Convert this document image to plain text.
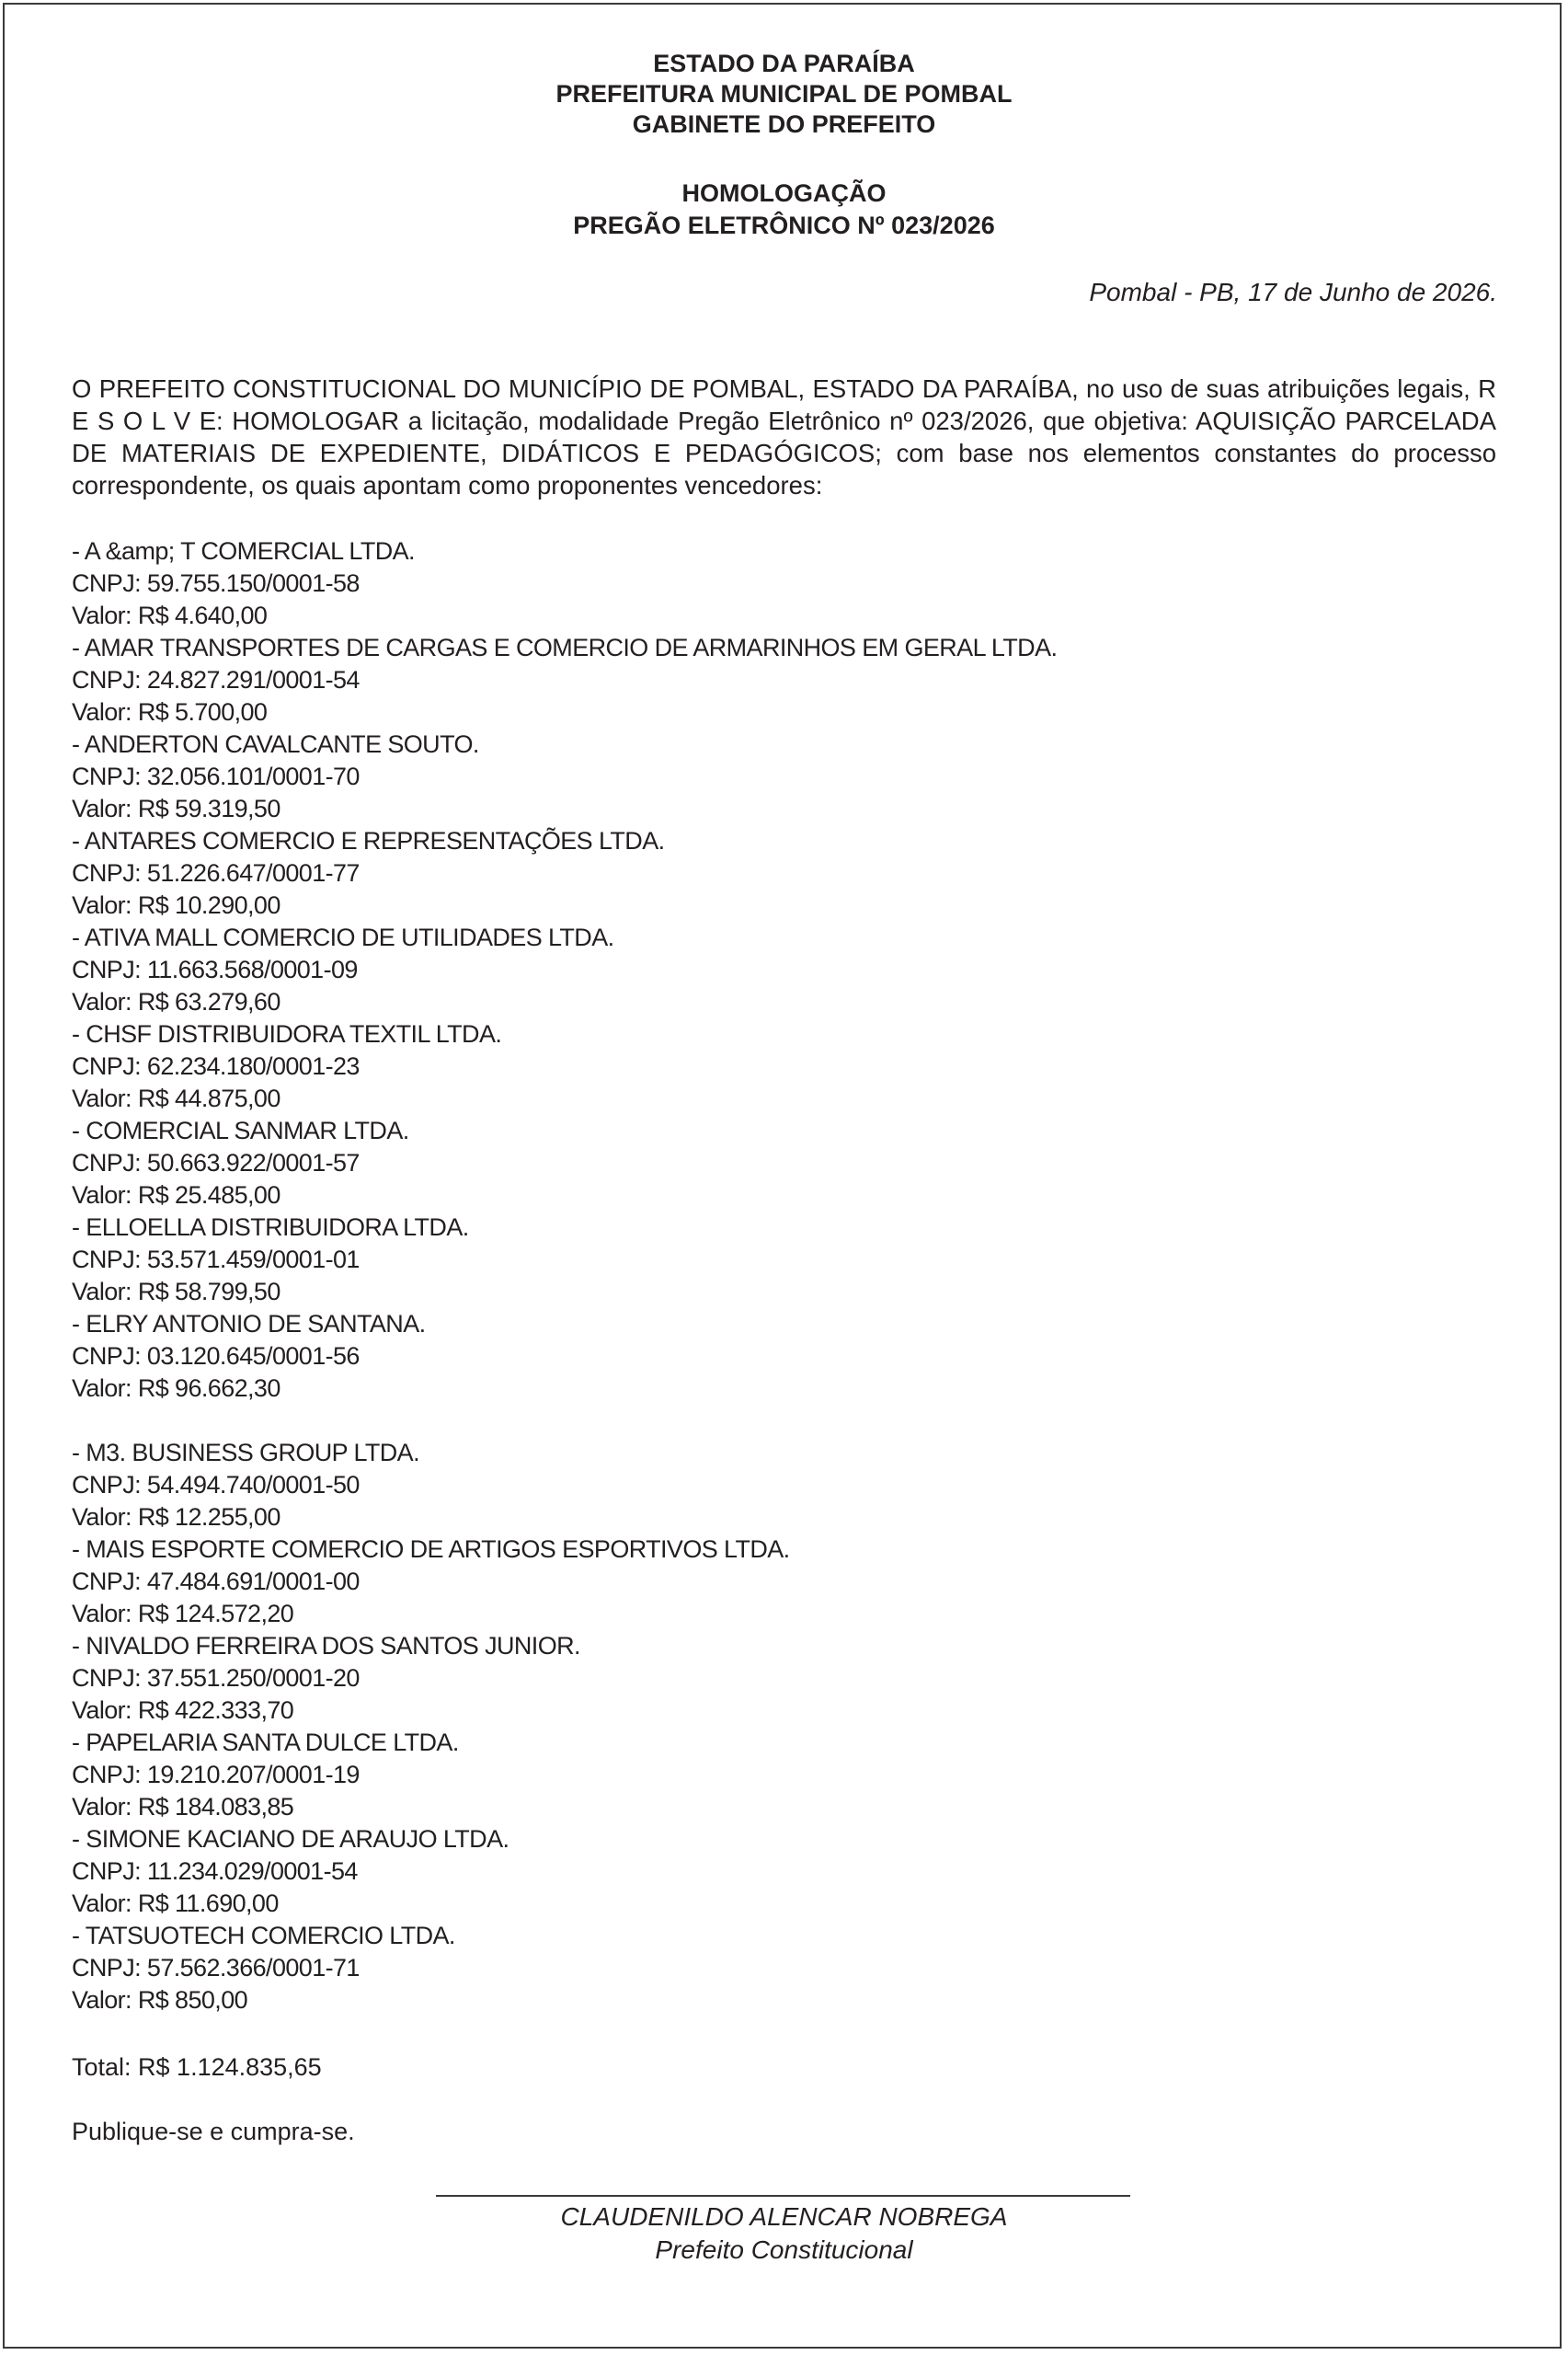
ESTADO DA PARAÍBA
PREFEITURA MUNICIPAL DE POMBAL
GABINETE DO PREFEITO
HOMOLOGAÇÃO
PREGÃO ELETRÔNICO Nº 023/2026
Pombal - PB, 17 de Junho de 2026.
O PREFEITO CONSTITUCIONAL DO MUNICÍPIO DE POMBAL, ESTADO DA PARAÍBA, no uso de suas atribuições legais, R E S O L V E: HOMOLOGAR a licitação, modalidade Pregão Eletrônico nº 023/2026, que objetiva: AQUISIÇÃO PARCELADA DE MATERIAIS DE EXPEDIENTE, DIDÁTICOS E PEDAGÓGICOS; com base nos elementos constantes do processo correspondente, os quais apontam como proponentes vencedores:
- A &amp; T COMERCIAL LTDA.
CNPJ: 59.755.150/0001-58
Valor: R$ 4.640,00
- AMAR TRANSPORTES DE CARGAS E COMERCIO DE ARMARINHOS EM GERAL LTDA.
CNPJ: 24.827.291/0001-54
Valor: R$ 5.700,00
- ANDERTON CAVALCANTE SOUTO.
CNPJ: 32.056.101/0001-70
Valor: R$ 59.319,50
- ANTARES COMERCIO E REPRESENTAÇÕES LTDA.
CNPJ: 51.226.647/0001-77
Valor: R$ 10.290,00
- ATIVA MALL COMERCIO DE UTILIDADES LTDA.
CNPJ: 11.663.568/0001-09
Valor: R$ 63.279,60
- CHSF DISTRIBUIDORA TEXTIL LTDA.
CNPJ: 62.234.180/0001-23
Valor: R$ 44.875,00
- COMERCIAL SANMAR LTDA.
CNPJ: 50.663.922/0001-57
Valor: R$ 25.485,00
- ELLOELLA DISTRIBUIDORA LTDA.
CNPJ: 53.571.459/0001-01
Valor: R$ 58.799,50
- ELRY ANTONIO DE SANTANA.
CNPJ: 03.120.645/0001-56
Valor: R$ 96.662,30
- M3. BUSINESS GROUP LTDA.
CNPJ: 54.494.740/0001-50
Valor: R$ 12.255,00
- MAIS ESPORTE COMERCIO DE ARTIGOS ESPORTIVOS LTDA.
CNPJ: 47.484.691/0001-00
Valor: R$ 124.572,20
- NIVALDO FERREIRA DOS SANTOS JUNIOR.
CNPJ: 37.551.250/0001-20
Valor: R$ 422.333,70
- PAPELARIA SANTA DULCE LTDA.
CNPJ: 19.210.207/0001-19
Valor: R$ 184.083,85
- SIMONE KACIANO DE ARAUJO LTDA.
CNPJ: 11.234.029/0001-54
Valor: R$ 11.690,00
- TATSUOTECH COMERCIO LTDA.
CNPJ: 57.562.366/0001-71
Valor: R$ 850,00
Total: R$ 1.124.835,65
Publique-se e cumpra-se.
CLAUDENILDO ALENCAR NOBREGA
Prefeito Constitucional
